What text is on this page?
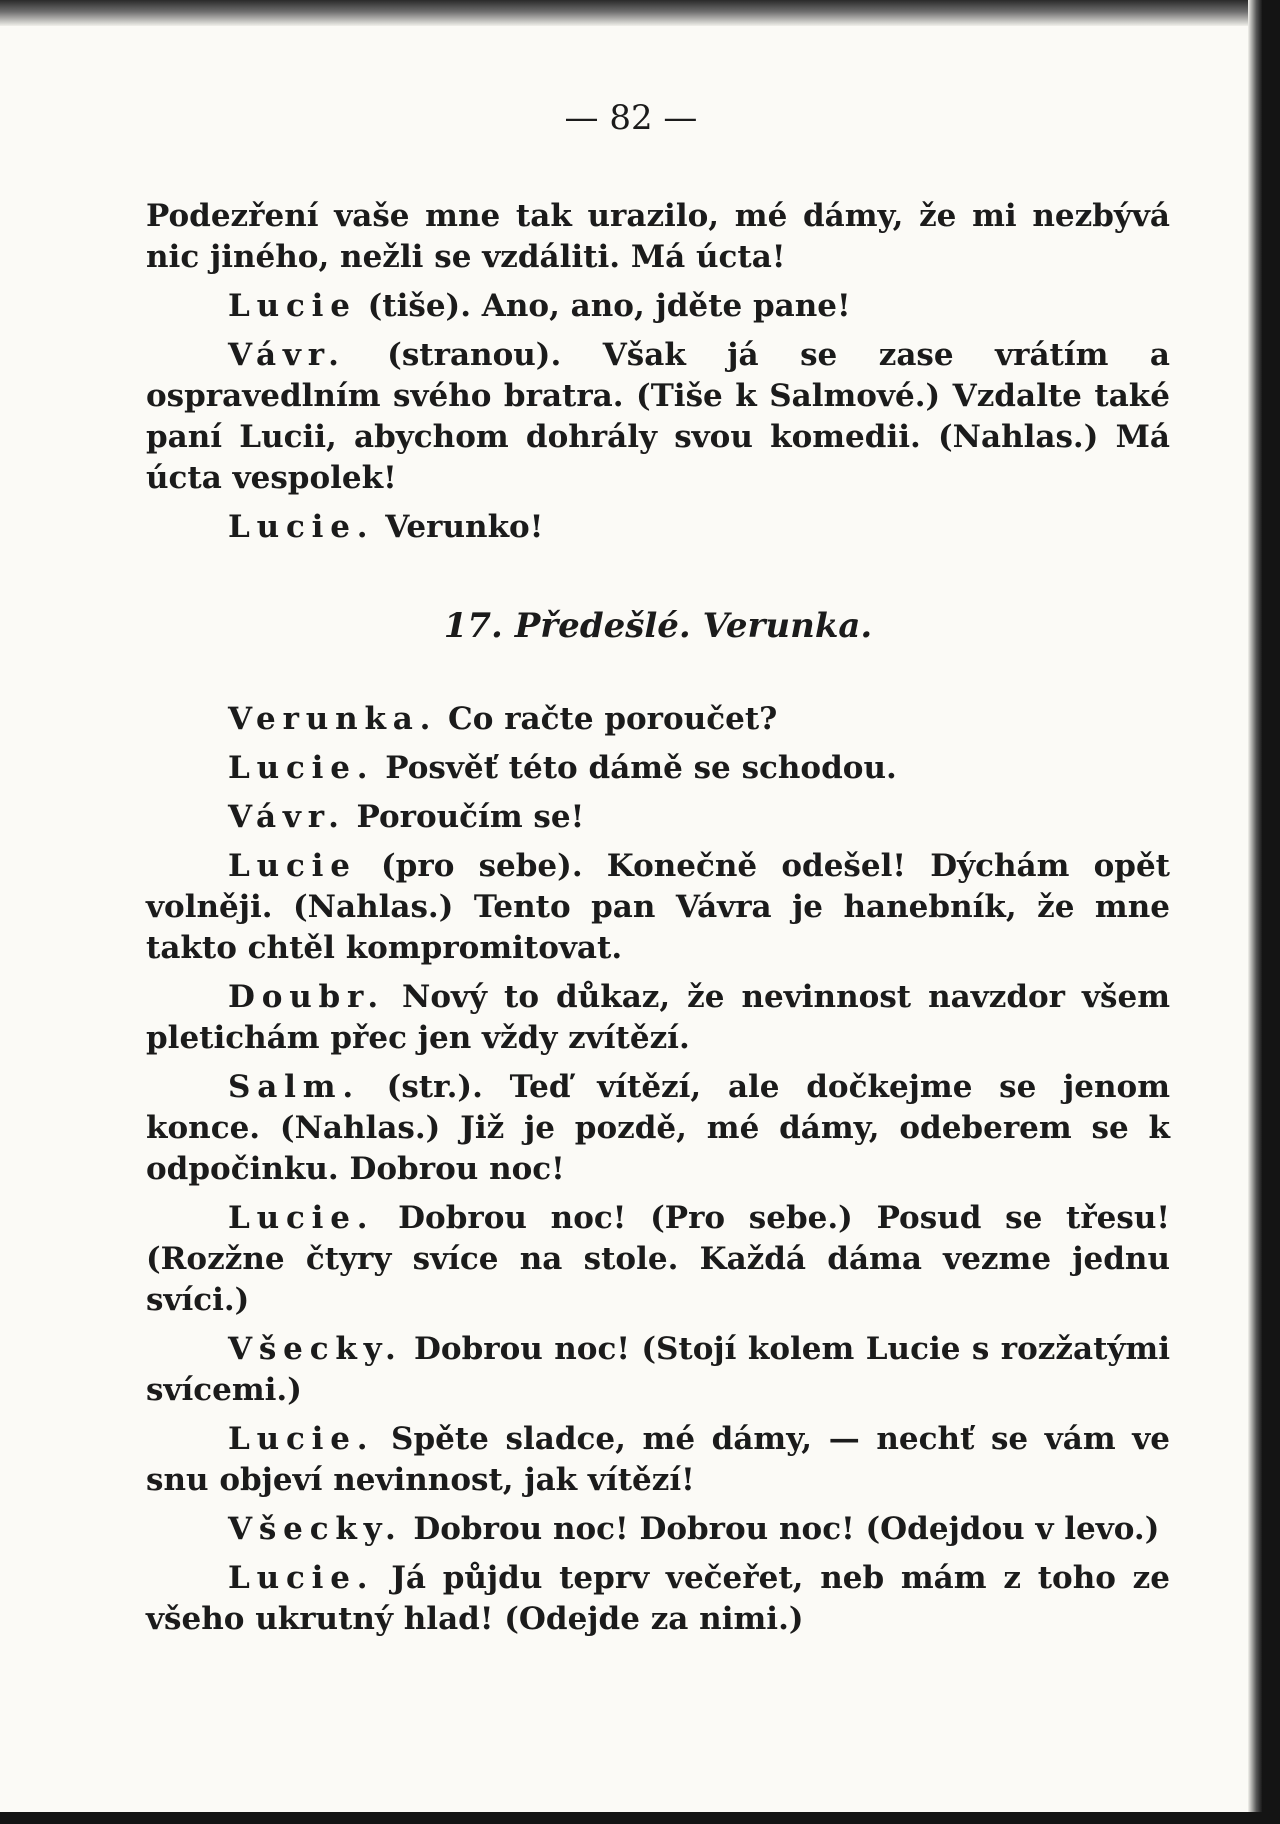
— 82 —

Podezření vaše mne tak urazilo, mé dámy, že mi nezbývá nic jiného, nežli se vzdáliti. Má úcta!

Lucie (tiše). Ano, ano, jděte pane!

Vávr. (stranou). Však já se zase vrátím a ospravedlním svého bratra. (Tiše k Salmové.) Vzdalte také paní Lucii, abychom dohrály svou komedii. (Nahlas.) Má úcta vespolek!

Lucie. Verunko!

17. Předešlé. Verunka.

Verunka. Co račte poroučet?

Lucie. Posvěť této dámě se schodou.

Vávr. Poroučím se!

Lucie (pro sebe). Konečně odešel! Dýchám opět volněji. (Nahlas.) Tento pan Vávra je hanebník, že mne takto chtěl kompromitovat.

Doubr. Nový to důkaz, že nevinnost navzdor všem pletichám přec jen vždy zvítězí.

Salm. (str.). Teď vítězí, ale dočkejme se jenom konce. (Nahlas.) Již je pozdě, mé dámy, odeberem se k odpočinku. Dobrou noc!

Lucie. Dobrou noc! (Pro sebe.) Posud se třesu! (Rozžne čtyry svíce na stole. Každá dáma vezme jednu svíci.)

Všecky. Dobrou noc! (Stojí kolem Lucie s rozžatými svícemi.)

Lucie. Spěte sladce, mé dámy, — nechť se vám ve snu objeví nevinnost, jak vítězí!

Všecky. Dobrou noc! Dobrou noc! (Odejdou v levo.)

Lucie. Já půjdu teprv večeřet, neb mám z toho ze všeho ukrutný hlad! (Odejde za nimi.)
